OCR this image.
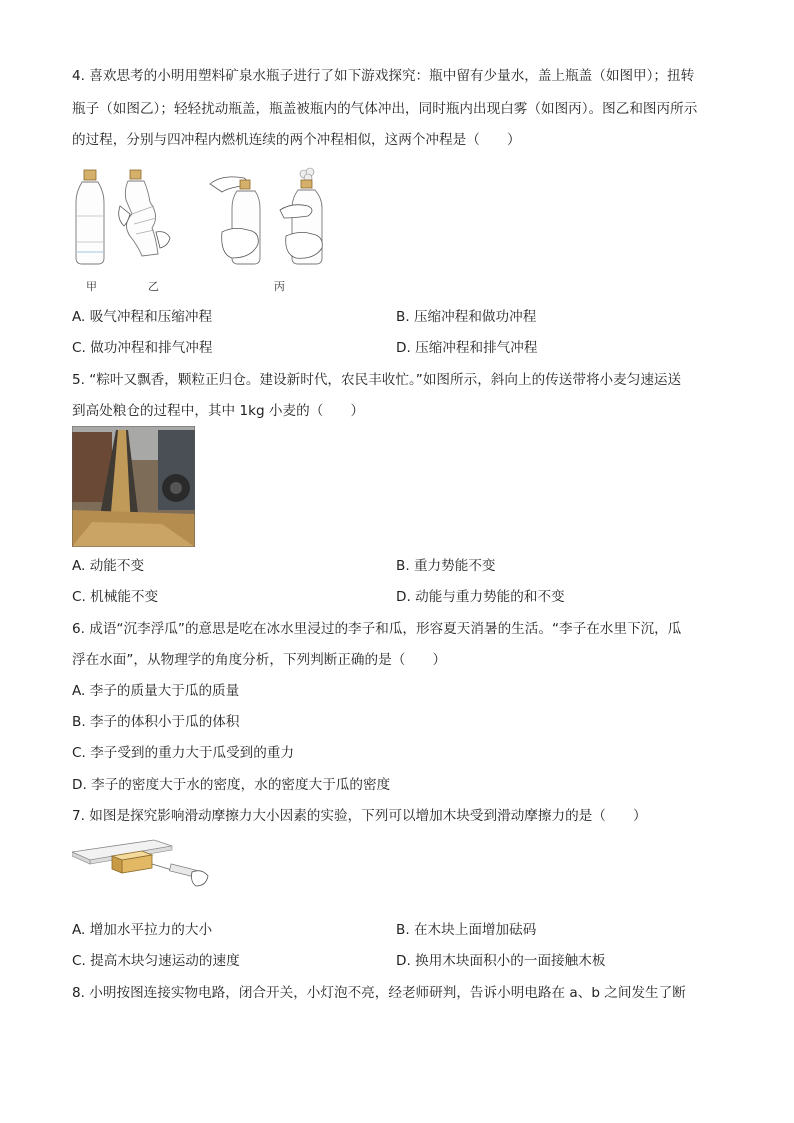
4. 喜欢思考的小明用塑料矿泉水瓶子进行了如下游戏探究：瓶中留有少量水，盖上瓶盖（如图甲）；扭转
瓶子（如图乙）；轻轻扰动瓶盖，瓶盖被瓶内的气体冲出，同时瓶内出现白雾（如图丙）。图乙和图丙所示
的过程，分别与四冲程内燃机连续的两个冲程相似，这两个冲程是（　　）
甲	乙	丙
A. 吸气冲程和压缩冲程	B. 压缩冲程和做功冲程
C. 做功冲程和排气冲程	D. 压缩冲程和排气冲程
5. “粽叶又飘香，颗粒正归仓。建设新时代，农民丰收忙。”如图所示，斜向上的传送带将小麦匀速运送
到高处粮仓的过程中，其中 1kg 小麦的（　　）
A. 动能不变	B. 重力势能不变
C. 机械能不变	D. 动能与重力势能的和不变
6. 成语“沉李浮瓜”的意思是吃在冰水里浸过的李子和瓜，形容夏天消暑的生活。“李子在水里下沉，瓜
浮在水面”，从物理学的角度分析，下列判断正确的是（　　）
A. 李子的质量大于瓜的质量
B. 李子的体积小于瓜的体积
C. 李子受到的重力大于瓜受到的重力
D. 李子的密度大于水的密度，水的密度大于瓜的密度
7. 如图是探究影响滑动摩擦力大小因素的实验，下列可以增加木块受到滑动摩擦力的是（　　）
A. 增加水平拉力的大小	B. 在木块上面增加砝码
C. 提高木块匀速运动的速度	D. 换用木块面积小的一面接触木板
8. 小明按图连接实物电路，闭合开关，小灯泡不亮，经老师研判，告诉小明电路在 a、b 之间发生了断
